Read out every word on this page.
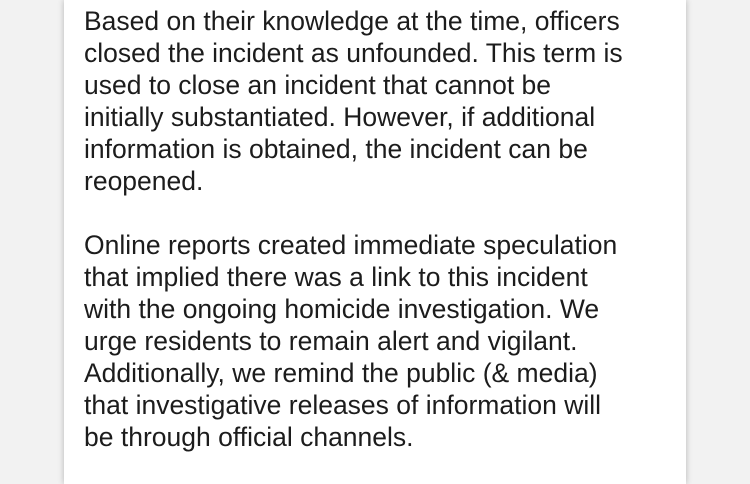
Based on their knowledge at the time, officers
closed the incident as unfounded. This term is
used to close an incident that cannot be
initially substantiated. However, if additional
information is obtained, the incident can be
reopened.

Online reports created immediate speculation
that implied there was a link to this incident
with the ongoing homicide investigation. We
urge residents to remain alert and vigilant.
Additionally, we remind the public (& media)
that investigative releases of information will
be through official channels.
